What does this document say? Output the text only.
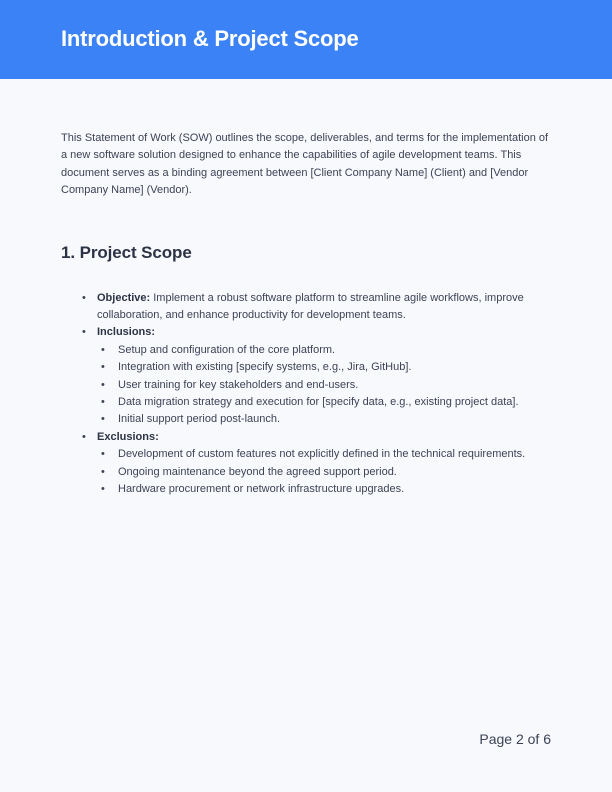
Introduction & Project Scope

This Statement of Work (SOW) outlines the scope, deliverables, and terms for the implementation of a new software solution designed to enhance the capabilities of agile development teams. This document serves as a binding agreement between [Client Company Name] (Client) and [Vendor Company Name] (Vendor).

1. Project Scope
• Objective: Implement a robust software platform to streamline agile workflows, improve collaboration, and enhance productivity for development teams.
• Inclusions:
• Setup and configuration of the core platform.
• Integration with existing [specify systems, e.g., Jira, GitHub].
• User training for key stakeholders and end-users.
• Data migration strategy and execution for [specify data, e.g., existing project data].
• Initial support period post-launch.
• Exclusions:
• Development of custom features not explicitly defined in the technical requirements.
• Ongoing maintenance beyond the agreed support period.
• Hardware procurement or network infrastructure upgrades.
Page 2 of 6
